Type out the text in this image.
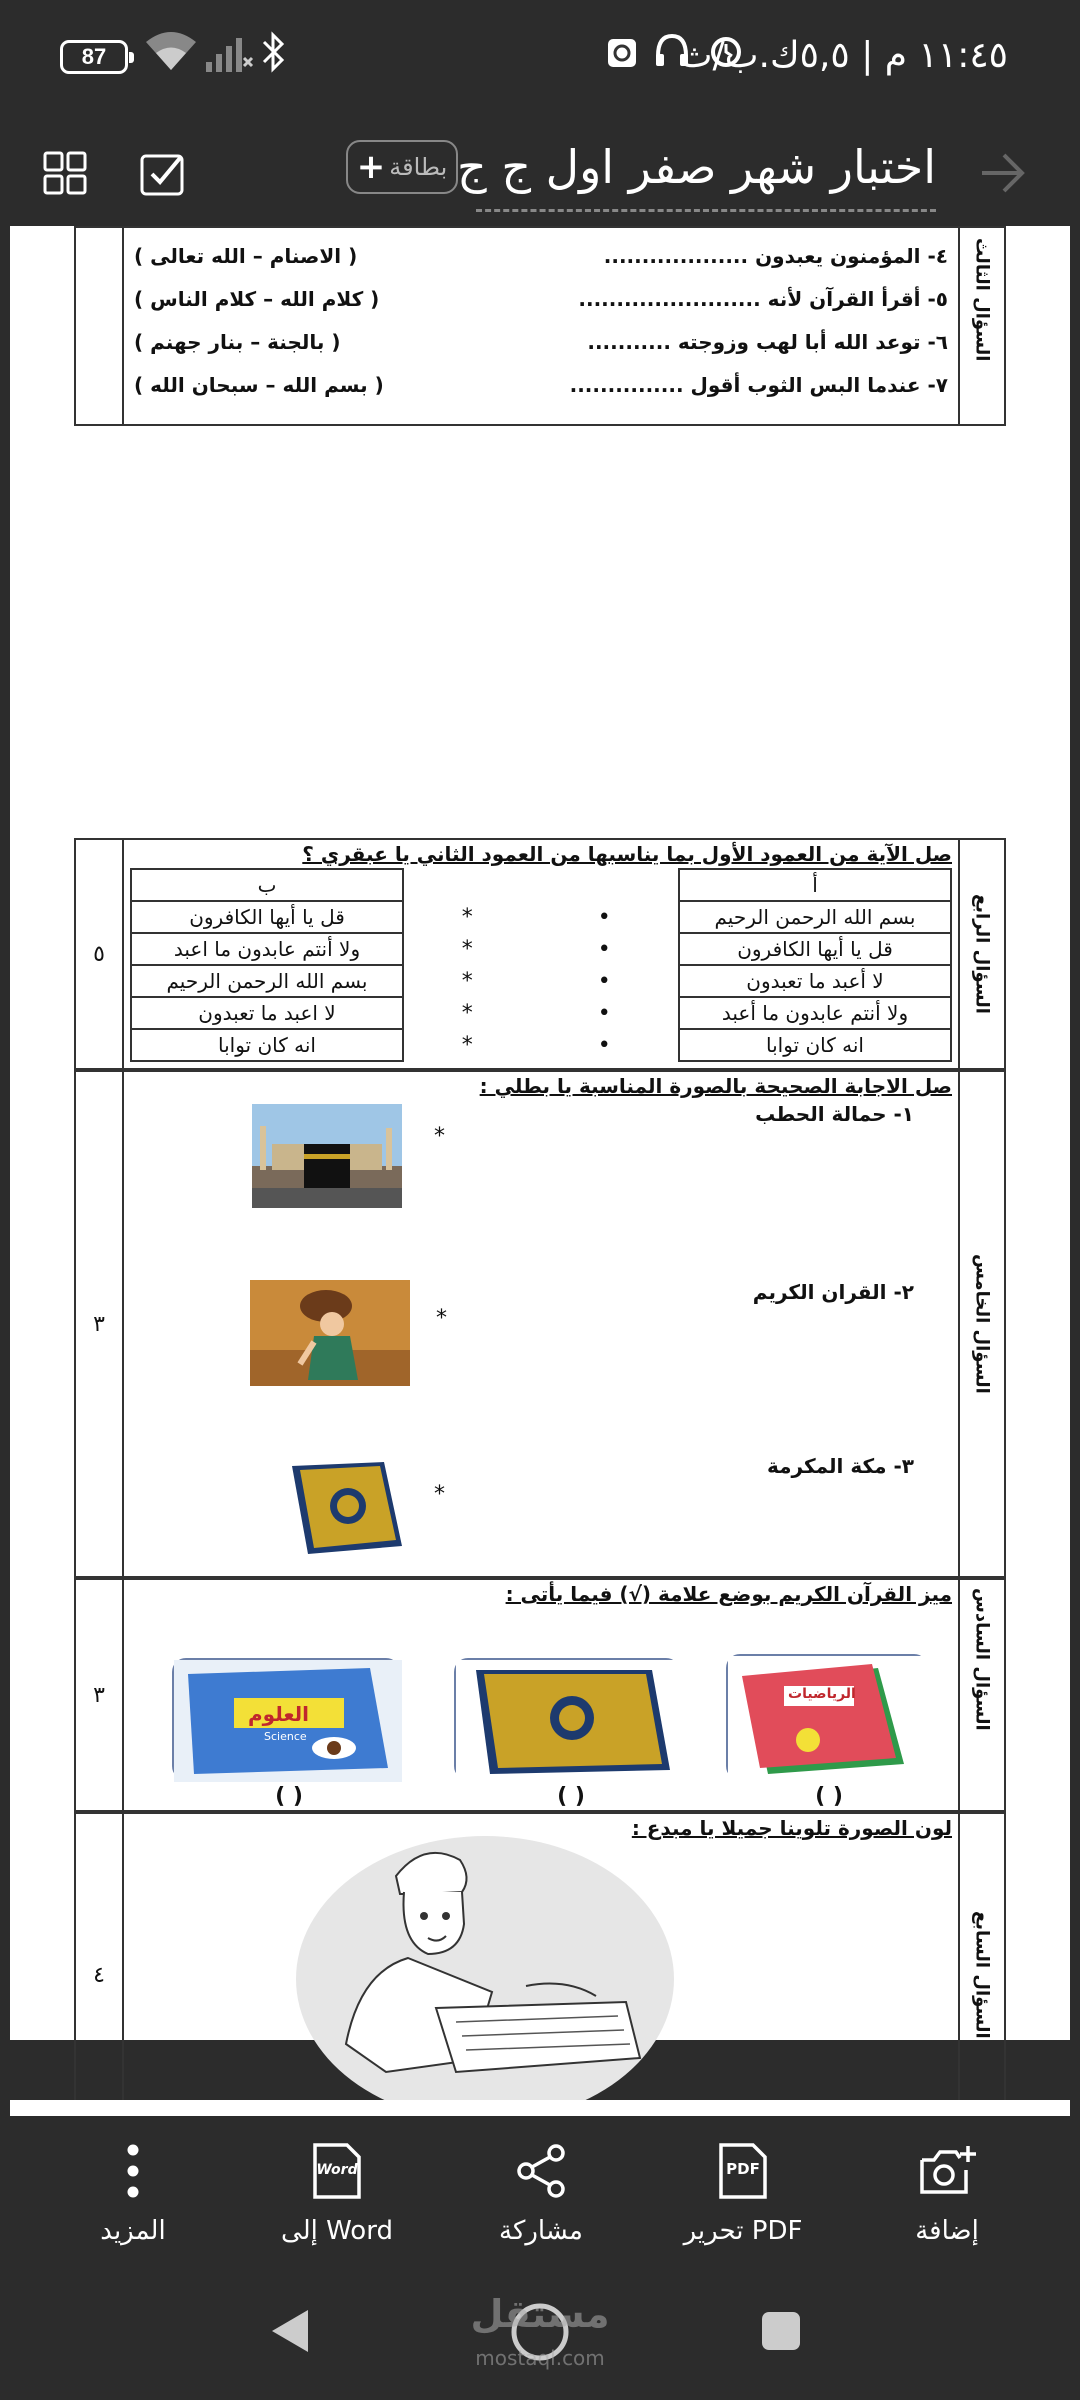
87	١١:٤٥ م | ٥,٥ك.ب/ث
+ بطاقة اختبار شهر صفر اول ج ج

٤- المؤمنون يعبدون ...................
( الاصنام – الله تعالى )
٥- أقرأ القرآن لأنه ........................
( كلام الله – كلام الناس )
٦- توعد الله أبا لهب وزوجته ...........
( بالجنة – بنار جهنم )
٧- عندما البس الثوب أقول ...............
( بسم الله – سبحان الله )

السؤال الثالث
٥	
صل الآية من العمود الأول بما يناسبها من العمود الثاني يا عبقري ؟
أ			ب
بسم الله الرحمن الرحيم	•	*	قل يا أيها الكافرون
قل يا أيها الكافرون	•	*	ولا أنتم عابدون ما اعبد
لا أعبد ما تعبدون	•	*	بسم الله الرحمن الرحيم
ولا أنتم عابدون ما أعبد	•	*	لا اعبد ما تعبدون
انه كان توابا	•	*	انه كان توابا

السؤال الرابع
٣	
صل الاجابة الصحيحة بالصورة المناسبة يا بطلي :
١- حمالة الحطب
٢- القران الكريم
٣- مكة المكرمة
*
*
*

السؤال الخامس
٣	
ميز القرآن الكريم بوضع علامة (√) فيما يأتى :
العلوم
Science
الرياضيات
( )	( )	( )

السؤال السادس
٤	
لون الصورة تلوينا جميلا يا مبدع :

السؤال السابع

إضافة
PDF
تحرير PDF
مشاركة
Word
إلى Word
المزيد
مستقل
mostaql.com
